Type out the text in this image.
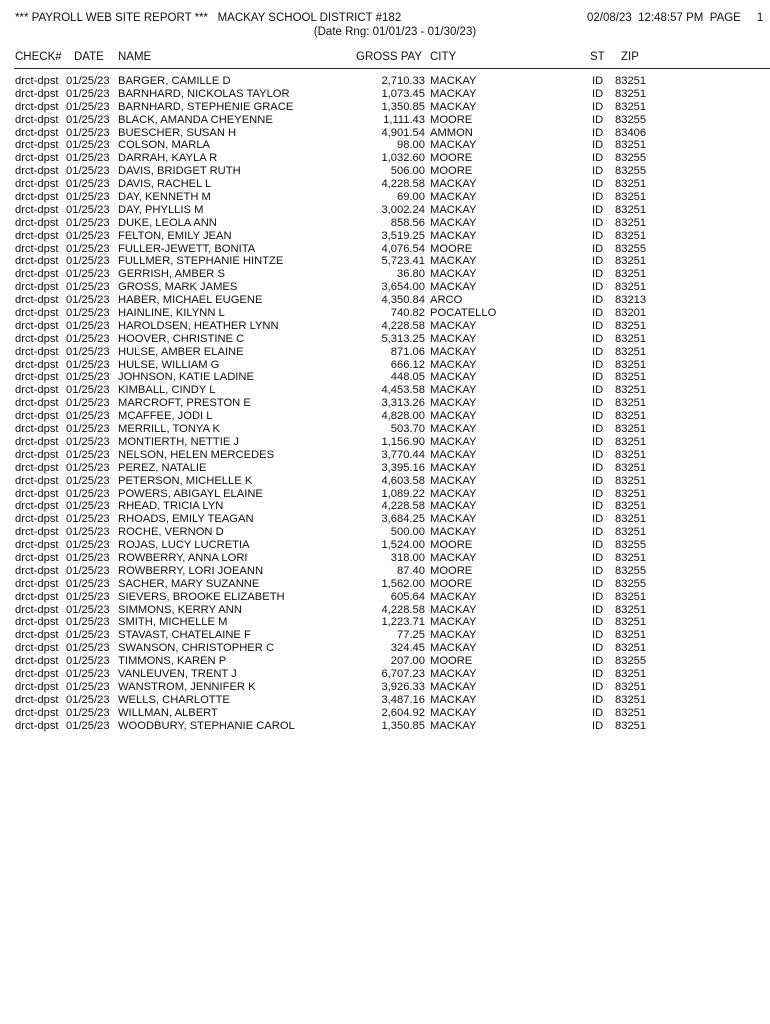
*** PAYROLL WEB SITE REPORT ***   MACKAY SCHOOL DISTRICT #182	02/08/23  12:48:57 PM  PAGE     1
(Date Rng: 01/01/23 - 01/30/23)
CHECK# DATE NAME	GROSS PAY CITY	ST ZIP
drct-dpst 01/25/23 BARGER, CAMILLE D	2,710.33 MACKAY	ID 83251
drct-dpst 01/25/23 BARNHARD, NICKOLAS TAYLOR	1,073.45 MACKAY	ID 83251
drct-dpst 01/25/23 BARNHARD, STEPHENIE GRACE	1,350.85 MACKAY	ID 83251
drct-dpst 01/25/23 BLACK, AMANDA CHEYENNE	1,111.43 MOORE	ID 83255
drct-dpst 01/25/23 BUESCHER, SUSAN H	4,901.54 AMMON	ID 83406
drct-dpst 01/25/23 COLSON, MARLA	98.00 MACKAY	ID 83251
drct-dpst 01/25/23 DARRAH, KAYLA R	1,032.60 MOORE	ID 83255
drct-dpst 01/25/23 DAVIS, BRIDGET RUTH	506.00 MOORE	ID 83255
drct-dpst 01/25/23 DAVIS, RACHEL L	4,228.58 MACKAY	ID 83251
drct-dpst 01/25/23 DAY, KENNETH M	69.00 MACKAY	ID 83251
drct-dpst 01/25/23 DAY, PHYLLIS M	3,002.24 MACKAY	ID 83251
drct-dpst 01/25/23 DUKE, LEOLA ANN	858.56 MACKAY	ID 83251
drct-dpst 01/25/23 FELTON, EMILY JEAN	3,519.25 MACKAY	ID 83251
drct-dpst 01/25/23 FULLER-JEWETT, BONITA	4,076.54 MOORE	ID 83255
drct-dpst 01/25/23 FULLMER, STEPHANIE HINTZE	5,723.41 MACKAY	ID 83251
drct-dpst 01/25/23 GERRISH, AMBER S	36.80 MACKAY	ID 83251
drct-dpst 01/25/23 GROSS, MARK JAMES	3,654.00 MACKAY	ID 83251
drct-dpst 01/25/23 HABER, MICHAEL EUGENE	4,350.84 ARCO	ID 83213
drct-dpst 01/25/23 HAINLINE, KILYNN L	740.82 POCATELLO	ID 83201
drct-dpst 01/25/23 HAROLDSEN, HEATHER LYNN	4,228.58 MACKAY	ID 83251
drct-dpst 01/25/23 HOOVER, CHRISTINE C	5,313.25 MACKAY	ID 83251
drct-dpst 01/25/23 HULSE, AMBER ELAINE	871.06 MACKAY	ID 83251
drct-dpst 01/25/23 HULSE, WILLIAM G	666.12 MACKAY	ID 83251
drct-dpst 01/25/23 JOHNSON, KATIE LADINE	448.05 MACKAY	ID 83251
drct-dpst 01/25/23 KIMBALL, CINDY L	4,453.58 MACKAY	ID 83251
drct-dpst 01/25/23 MARCROFT, PRESTON E	3,313.26 MACKAY	ID 83251
drct-dpst 01/25/23 MCAFFEE, JODI L	4,828.00 MACKAY	ID 83251
drct-dpst 01/25/23 MERRILL, TONYA K	503.70 MACKAY	ID 83251
drct-dpst 01/25/23 MONTIERTH, NETTIE J	1,156.90 MACKAY	ID 83251
drct-dpst 01/25/23 NELSON, HELEN MERCEDES	3,770.44 MACKAY	ID 83251
drct-dpst 01/25/23 PEREZ, NATALIE	3,395.16 MACKAY	ID 83251
drct-dpst 01/25/23 PETERSON, MICHELLE K	4,603.58 MACKAY	ID 83251
drct-dpst 01/25/23 POWERS, ABIGAYL ELAINE	1,089.22 MACKAY	ID 83251
drct-dpst 01/25/23 RHEAD, TRICIA LYN	4,228.58 MACKAY	ID 83251
drct-dpst 01/25/23 RHOADS, EMILY TEAGAN	3,684.25 MACKAY	ID 83251
drct-dpst 01/25/23 ROCHE, VERNON D	500.00 MACKAY	ID 83251
drct-dpst 01/25/23 ROJAS, LUCY LUCRETIA	1,524.00 MOORE	ID 83255
drct-dpst 01/25/23 ROWBERRY, ANNA LORI	318.00 MACKAY	ID 83251
drct-dpst 01/25/23 ROWBERRY, LORI JOEANN	87.40 MOORE	ID 83255
drct-dpst 01/25/23 SACHER, MARY SUZANNE	1,562.00 MOORE	ID 83255
drct-dpst 01/25/23 SIEVERS, BROOKE ELIZABETH	605.64 MACKAY	ID 83251
drct-dpst 01/25/23 SIMMONS, KERRY ANN	4,228.58 MACKAY	ID 83251
drct-dpst 01/25/23 SMITH, MICHELLE M	1,223.71 MACKAY	ID 83251
drct-dpst 01/25/23 STAVAST, CHATELAINE F	77.25 MACKAY	ID 83251
drct-dpst 01/25/23 SWANSON, CHRISTOPHER C	324.45 MACKAY	ID 83251
drct-dpst 01/25/23 TIMMONS, KAREN P	207.00 MOORE	ID 83255
drct-dpst 01/25/23 VANLEUVEN, TRENT J	6,707.23 MACKAY	ID 83251
drct-dpst 01/25/23 WANSTROM, JENNIFER K	3,926.33 MACKAY	ID 83251
drct-dpst 01/25/23 WELLS, CHARLOTTE	3,487.16 MACKAY	ID 83251
drct-dpst 01/25/23 WILLMAN, ALBERT	2,604.92 MACKAY	ID 83251
drct-dpst 01/25/23 WOODBURY, STEPHANIE CAROL	1,350.85 MACKAY	ID 83251
